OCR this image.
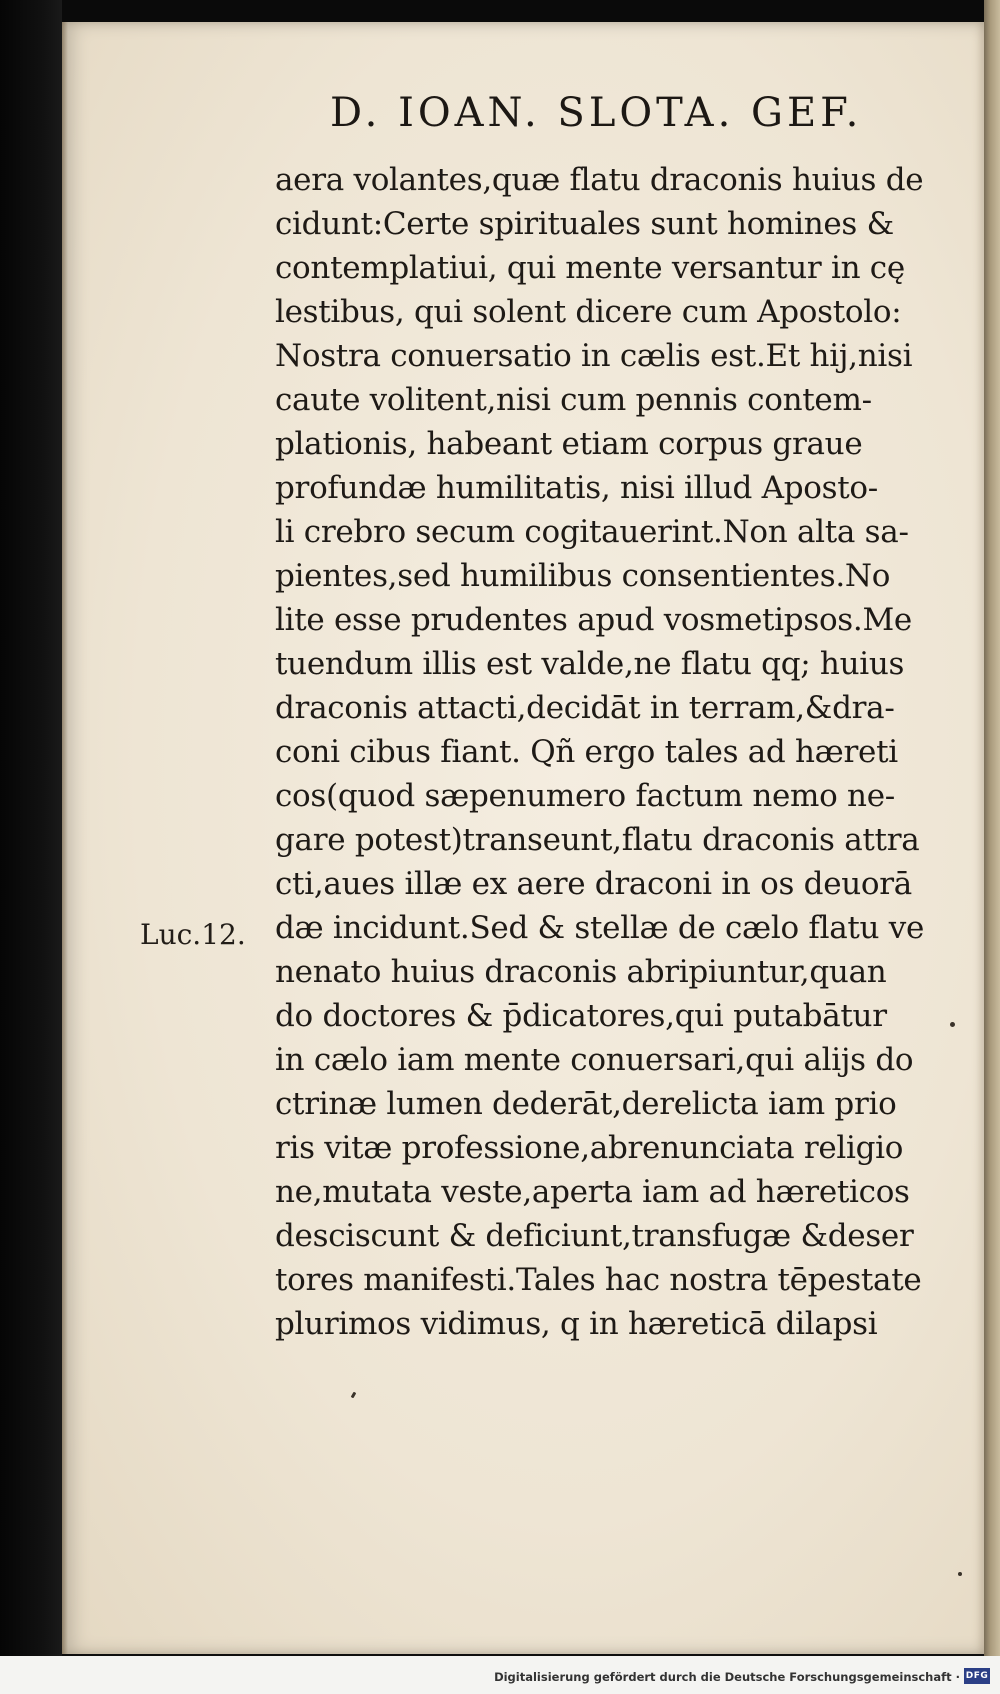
D. IOAN. SLOTA. GEF.
aera volantes,quæ flatu draconis huius de
cidunt:Certe spirituales sunt homines &
contemplatiui, qui mente versantur in cę
lestibus, qui solent dicere cum Apostolo:
Nostra conuersatio in cælis est.Et hij,nisi
caute volitent,nisi cum pennis contem-
plationis, habeant etiam corpus graue
profundæ humilitatis, nisi illud Aposto-
li crebro secum cogitauerint.Non alta sa-
pientes,sed humilibus consentientes.No
lite esse prudentes apud vosmetipsos.Me
tuendum illis est valde,ne flatu qq; huius
draconis attacti,decidāt in terram,&dra-
coni cibus fiant. Qñ ergo tales ad hæreti
cos(quod sæpenumero factum nemo ne-
gare potest)transeunt,flatu draconis attra
cti,aues illæ ex aere draconi in os deuorā
dæ incidunt.Sed & stellæ de cælo flatu ve
nenato huius draconis abripiuntur,quan
do doctores & p̄dicatores,qui putabātur
in cælo iam mente conuersari,qui alijs do
ctrinæ lumen dederāt,derelicta iam prio
ris vitæ professione,abrenunciata religio
ne,mutata veste,aperta iam ad hæreticos
desciscunt & deficiunt,transfugæ &deser
tores manifesti.Tales hac nostra tēpestate
plurimos vidimus, q in hæreticā dilapsi
Luc.12.
Digitalisierung gefördert durch die Deutsche Forschungsgemeinschaft · DFG
